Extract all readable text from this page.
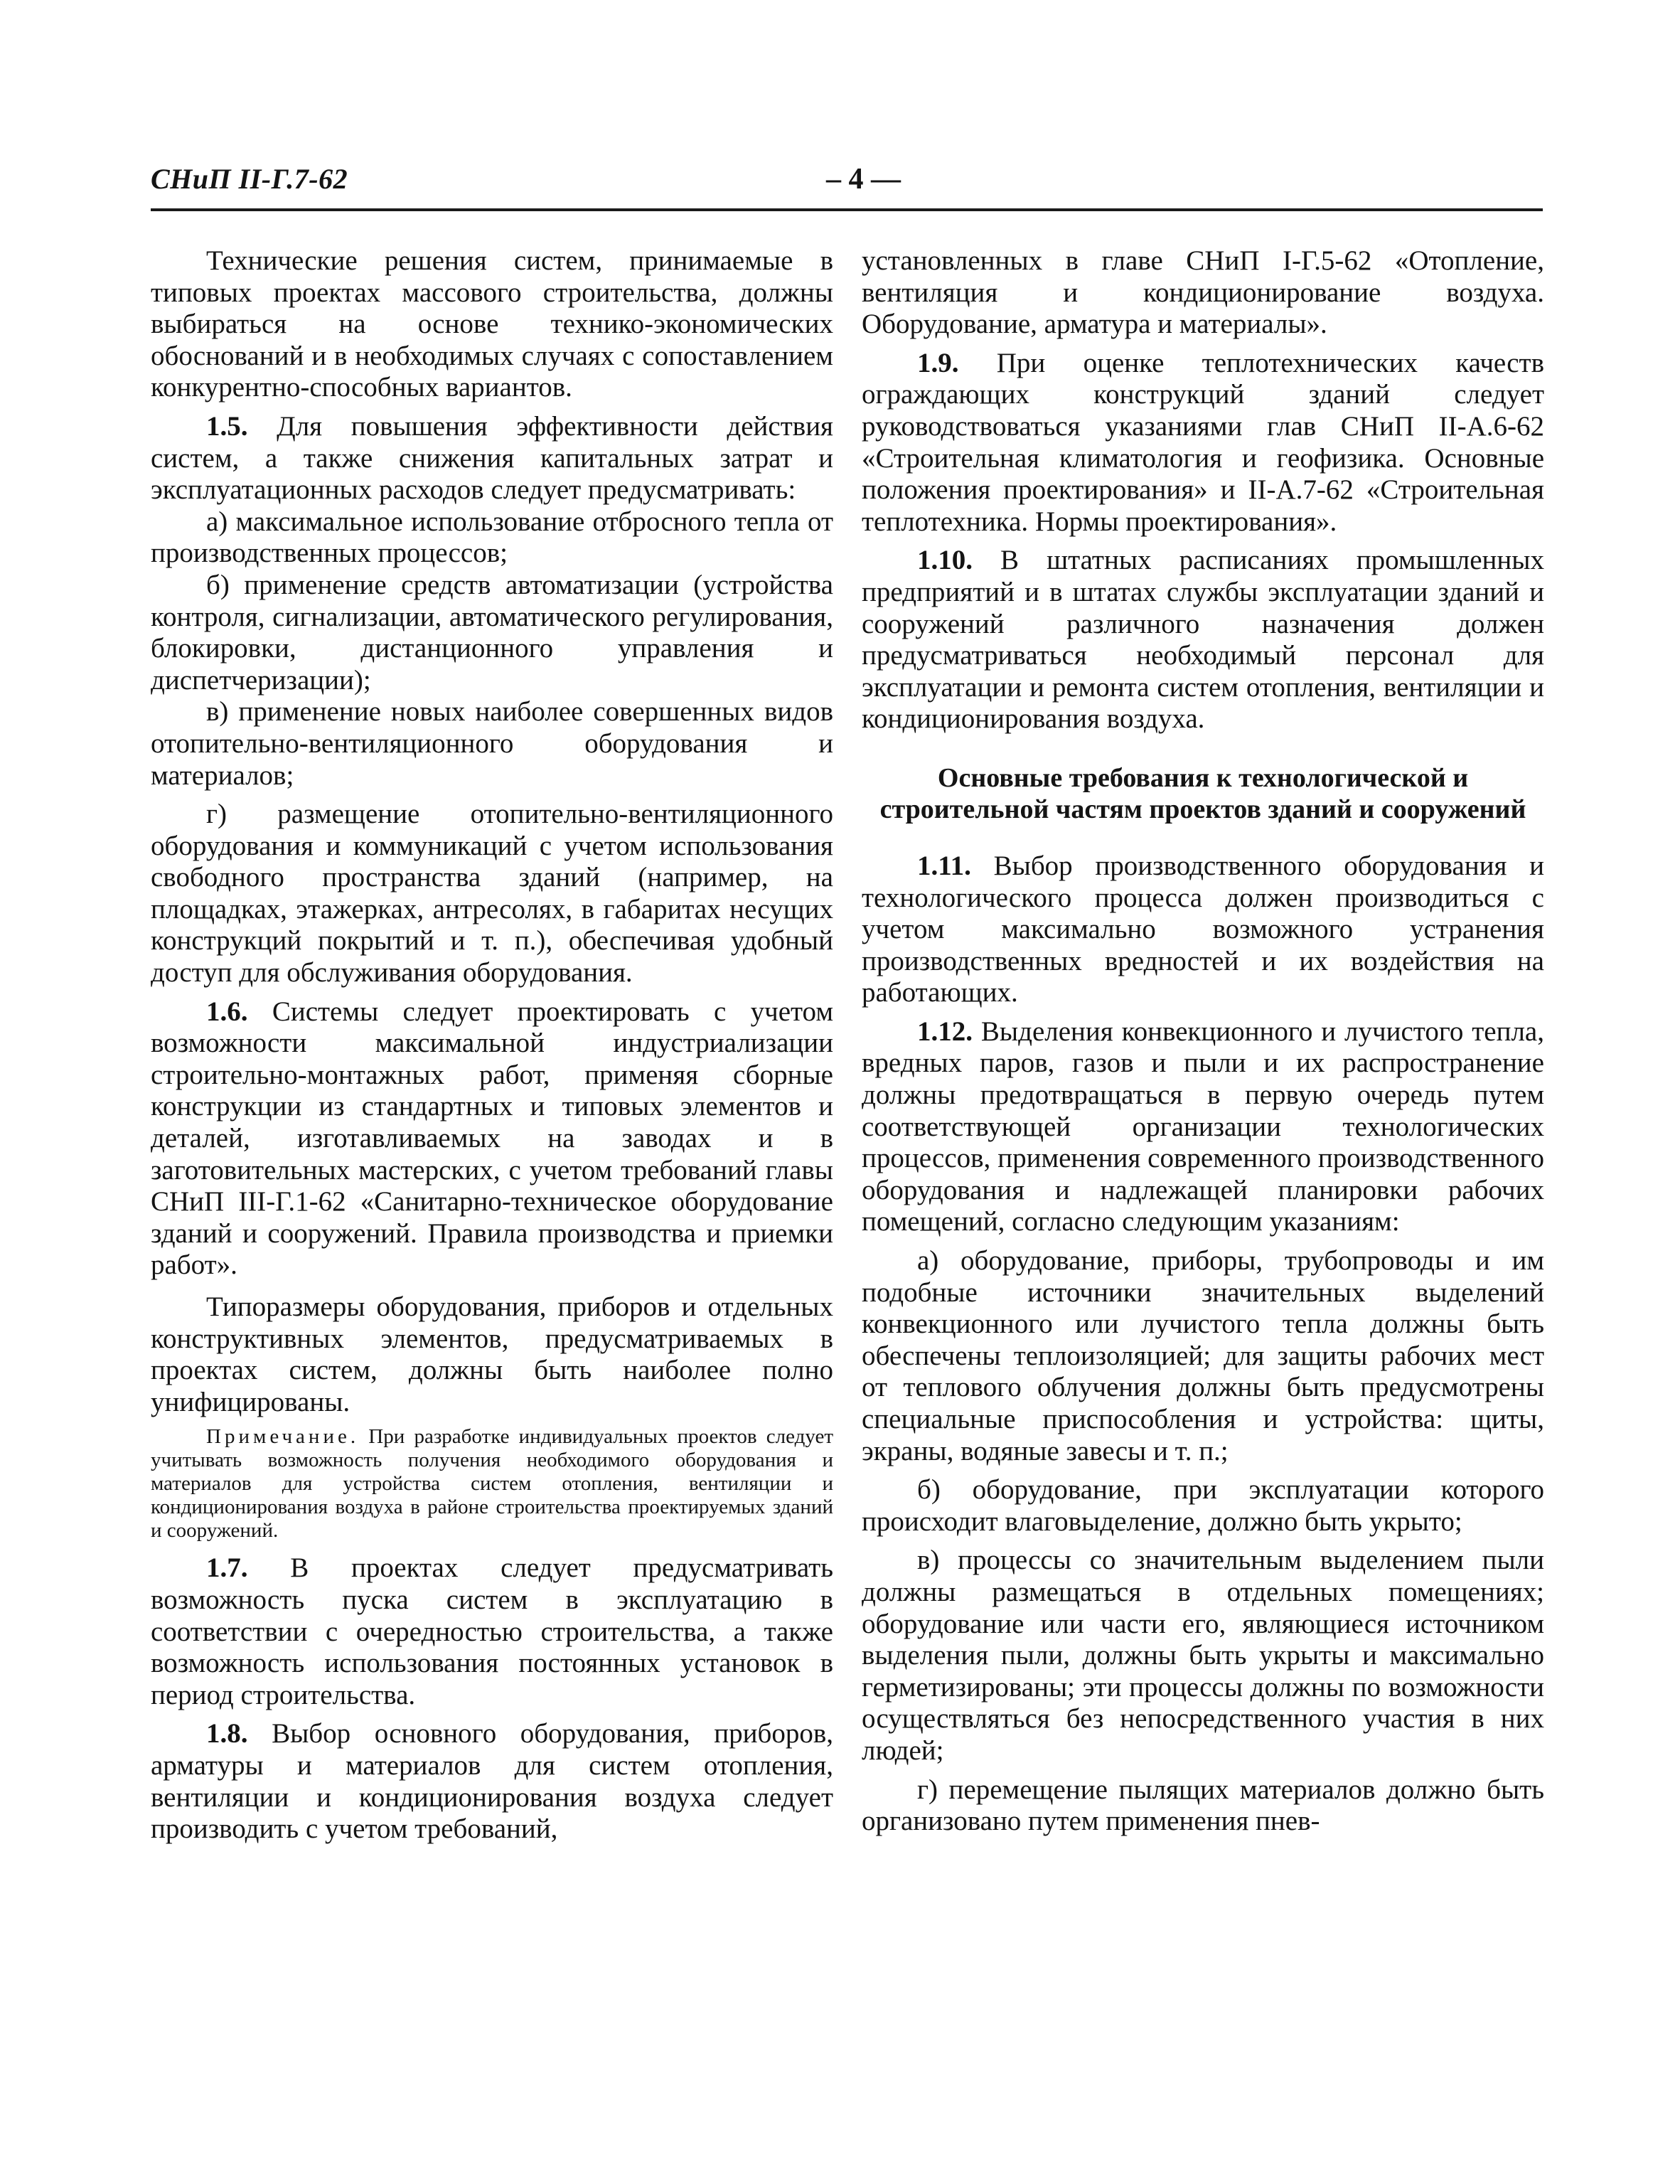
СНиП II-Г.7-62	– 4 —

Технические решения систем, принимаемые в типовых проектах массового строительства, должны выбираться на основе технико-экономических обоснований и в необходимых случаях с сопоставлением конкурентно-способных вариантов.

1.5. Для повышения эффективности действия систем, а также снижения капитальных затрат и эксплуатационных расходов следует предусматривать:

а) максимальное использование отбросного тепла от производственных процессов;

б) применение средств автоматизации (устройства контроля, сигнализации, автоматического регулирования, блокировки, дистанционного управления и диспетчеризации);

в) применение новых наиболее совершенных видов отопительно-вентиляционного оборудования и материалов;

г) размещение отопительно-вентиляционного оборудования и коммуникаций с учетом использования свободного пространства зданий (например, на площадках, этажерках, антресолях, в габаритах несущих конструкций покрытий и т. п.), обеспечивая удобный доступ для обслуживания оборудования.

1.6. Системы следует проектировать с учетом возможности максимальной индустриализации строительно-монтажных работ, применяя сборные конструкции из стандартных и типовых элементов и деталей, изготавливаемых на заводах и в заготовительных мастерских, с учетом требований главы СНиП III-Г.1-62 «Санитарно-техническое оборудование зданий и сооружений. Правила производства и приемки работ».

Типоразмеры оборудования, приборов и отдельных конструктивных элементов, предусматриваемых в проектах систем, должны быть наиболее полно унифицированы.

Примечание. При разработке индивидуальных проектов следует учитывать возможность получения необходимого оборудования и материалов для устройства систем отопления, вентиляции и кондиционирования воздуха в районе строительства проектируемых зданий и сооружений.

1.7. В проектах следует предусматривать возможность пуска систем в эксплуатацию в соответствии с очередностью строительства, а также возможность использования постоянных установок в период строительства.

1.8. Выбор основного оборудования, приборов, арматуры и материалов для систем отопления, вентиляции и кондиционирования воздуха следует производить с учетом требований,

установленных в главе СНиП I-Г.5-62 «Отопление, вентиляция и кондиционирование воздуха. Оборудование, арматура и материалы».

1.9. При оценке теплотехнических качеств ограждающих конструкций зданий следует руководствоваться указаниями глав СНиП II-А.6-62 «Строительная климатология и геофизика. Основные положения проектирования» и II-А.7-62 «Строительная теплотехника. Нормы проектирования».

1.10. В штатных расписаниях промышленных предприятий и в штатах службы эксплуатации зданий и сооружений различного назначения должен предусматриваться необходимый персонал для эксплуатации и ремонта систем отопления, вентиляции и кондиционирования воздуха.

Основные требования к технологической и строительной частям проектов зданий и сооружений

1.11. Выбор производственного оборудования и технологического процесса должен производиться с учетом максимально возможного устранения производственных вредностей и их воздействия на работающих.

1.12. Выделения конвекционного и лучистого тепла, вредных паров, газов и пыли и их распространение должны предотвращаться в первую очередь путем соответствующей организации технологических процессов, применения современного производственного оборудования и надлежащей планировки рабочих помещений, согласно следующим указаниям:

а) оборудование, приборы, трубопроводы и им подобные источники значительных выделений конвекционного или лучистого тепла должны быть обеспечены теплоизоляцией; для защиты рабочих мест от теплового облучения должны быть предусмотрены специальные приспособления и устройства: щиты, экраны, водяные завесы и т. п.;

б) оборудование, при эксплуатации которого происходит влаговыделение, должно быть укрыто;

в) процессы со значительным выделением пыли должны размещаться в отдельных помещениях; оборудование или части его, являющиеся источником выделения пыли, должны быть укрыты и максимально герметизированы; эти процессы должны по возможности осуществляться без непосредственного участия в них людей;

г) перемещение пылящих материалов должно быть организовано путем применения пнев-
